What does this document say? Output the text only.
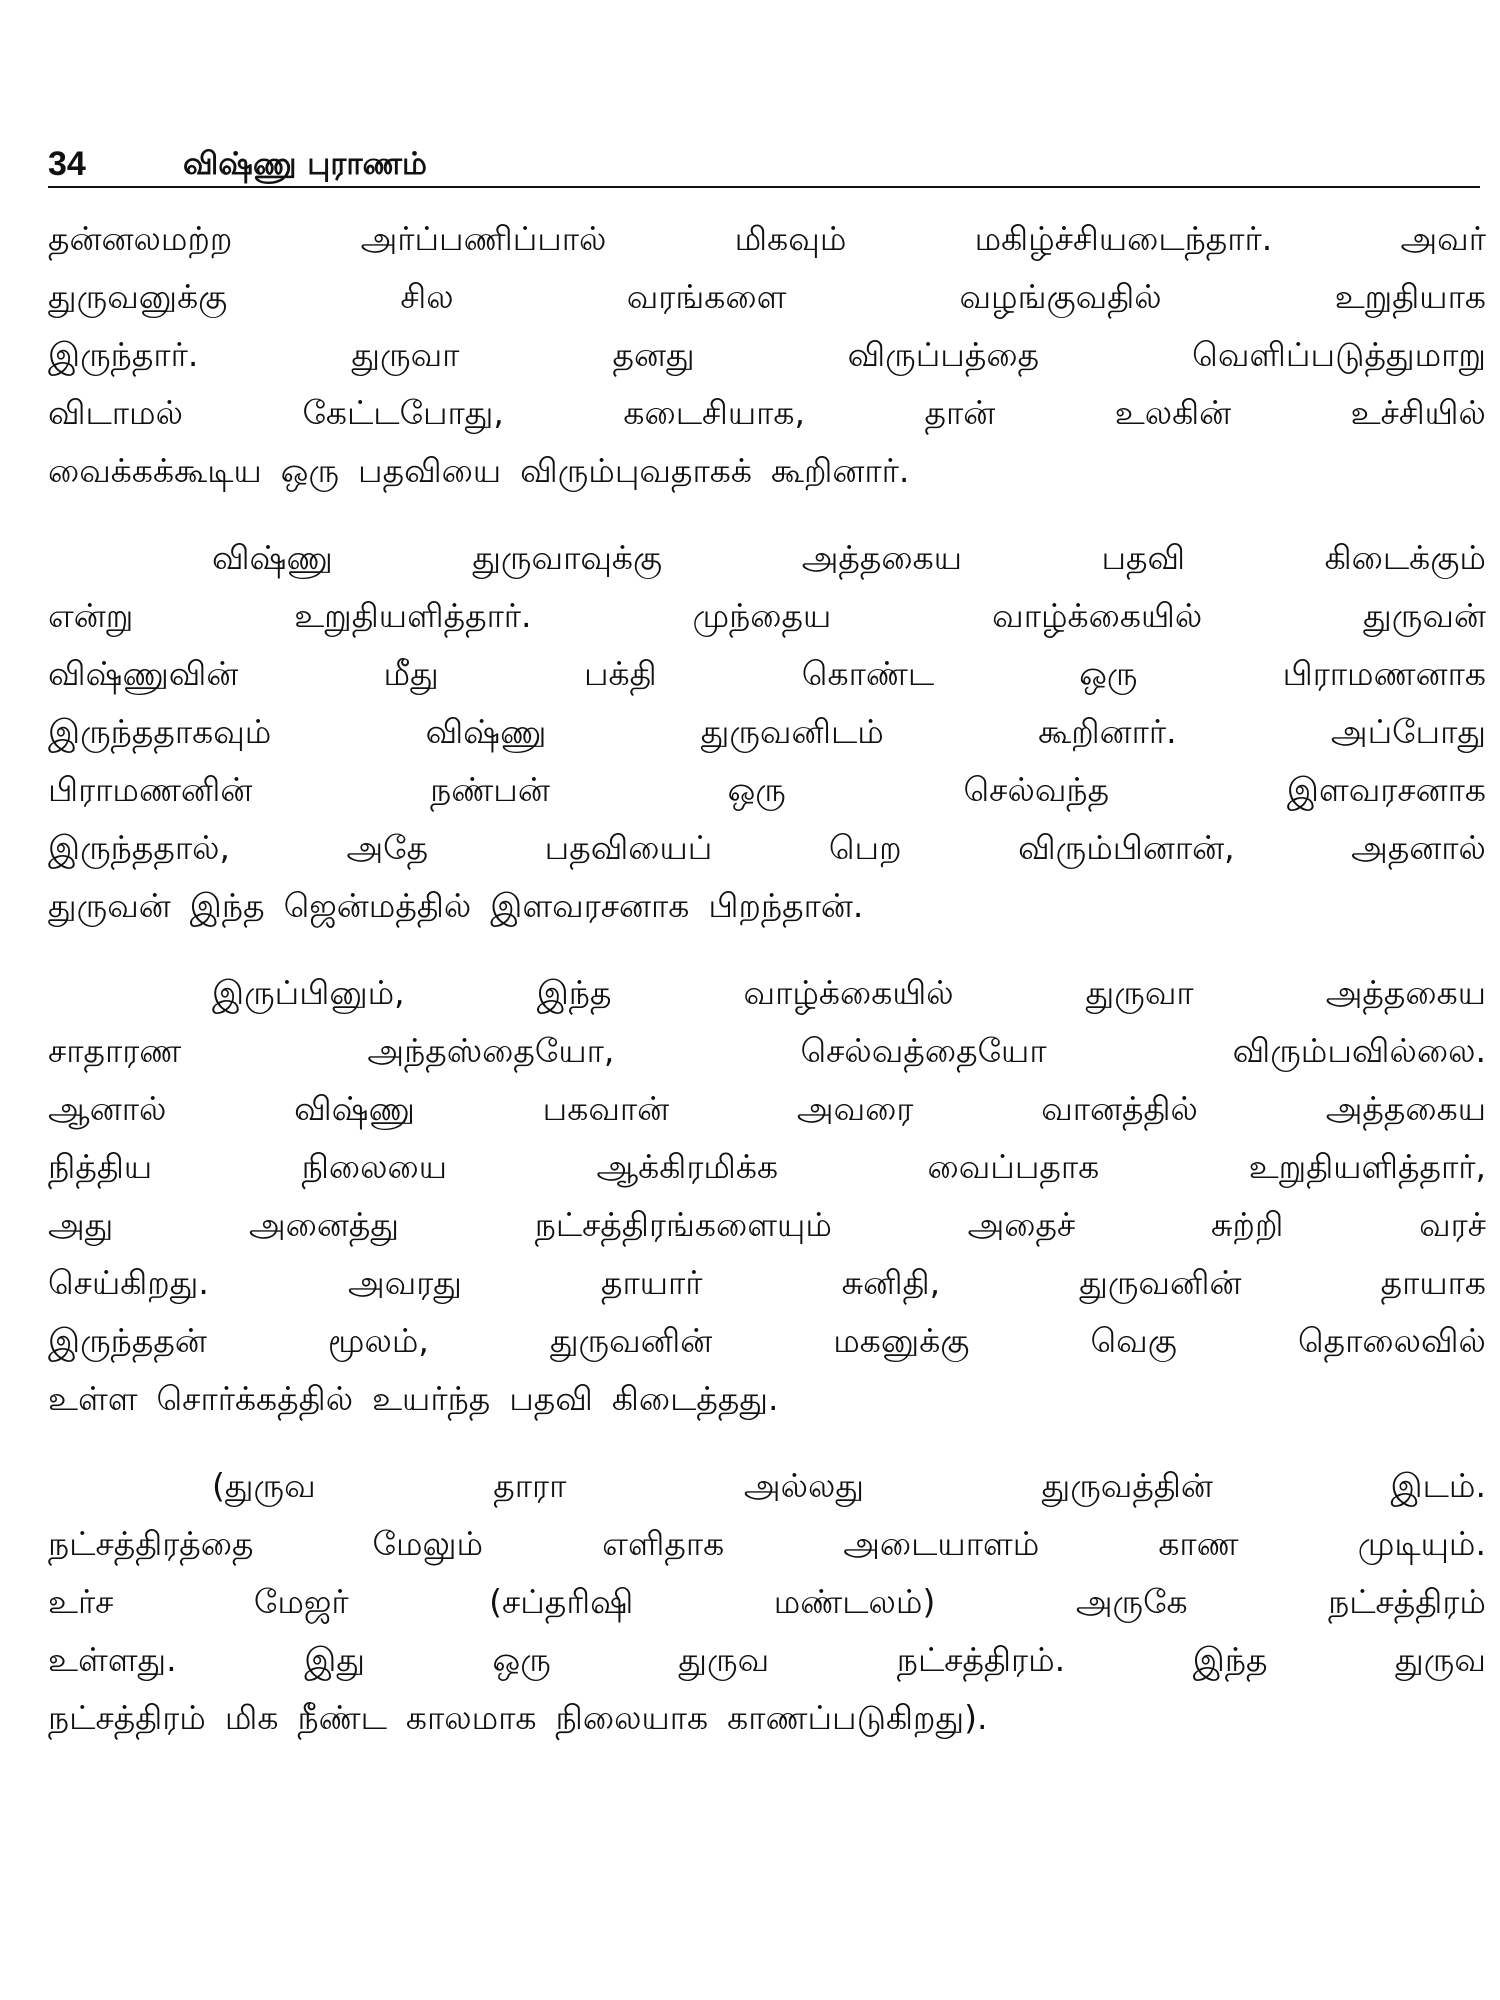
34	விஷ்ணு புராணம்
தன்னலமற்ற	அர்ப்பணிப்பால்	மிகவும்	மகிழ்ச்சியடைந்தார்.	அவர்
துருவனுக்கு	சில	வரங்களை	வழங்குவதில்	உறுதியாக
இருந்தார்.	துருவா	தனது	விருப்பத்தை	வெளிப்படுத்துமாறு
விடாமல்	கேட்டபோது,	கடைசியாக,	தான்	உலகின்	உச்சியில்
வைக்கக்கூடிய ஒரு பதவியை விரும்புவதாகக் கூறினார்.
விஷ்ணு	துருவாவுக்கு	அத்தகைய	பதவி	கிடைக்கும்
என்று	உறுதியளித்தார்.	முந்தைய	வாழ்க்கையில்	துருவன்
விஷ்ணுவின்	மீது	பக்தி	கொண்ட	ஒரு	பிராமணனாக
இருந்ததாகவும்	விஷ்ணு	துருவனிடம்	கூறினார்.	அப்போது
பிராமணனின்	நண்பன்	ஒரு	செல்வந்த	இளவரசனாக
இருந்ததால்,	அதே	பதவியைப்	பெற	விரும்பினான்,	அதனால்
துருவன் இந்த ஜென்மத்தில் இளவரசனாக பிறந்தான்.
இருப்பினும்,	இந்த	வாழ்க்கையில்	துருவா	அத்தகைய
சாதாரண	அந்தஸ்தையோ,	செல்வத்தையோ	விரும்பவில்லை.
ஆனால்	விஷ்ணு	பகவான்	அவரை	வானத்தில்	அத்தகைய
நித்திய	நிலையை	ஆக்கிரமிக்க	வைப்பதாக	உறுதியளித்தார்,
அது	அனைத்து	நட்சத்திரங்களையும்	அதைச்	சுற்றி	வரச்
செய்கிறது.	அவரது	தாயார்	சுனிதி,	துருவனின்	தாயாக
இருந்ததன்	மூலம்,	துருவனின்	மகனுக்கு	வெகு	தொலைவில்
உள்ள சொர்க்கத்தில் உயர்ந்த பதவி கிடைத்தது.
(துருவ	தாரா	அல்லது	துருவத்தின்	இடம்.
நட்சத்திரத்தை	மேலும்	எளிதாக	அடையாளம்	காண	முடியும்.
உர்ச	மேஜர்	(சப்தரிஷி	மண்டலம்)	அருகே	நட்சத்திரம்
உள்ளது.	இது	ஒரு	துருவ	நட்சத்திரம்.	இந்த	துருவ
நட்சத்திரம் மிக நீண்ட காலமாக நிலையாக காணப்படுகிறது).
